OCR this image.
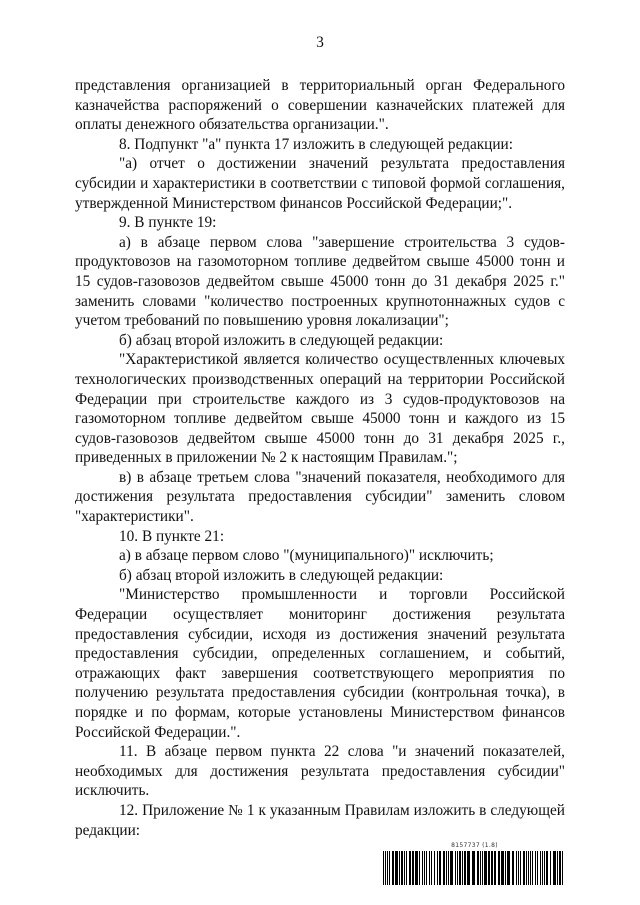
3

представления организацией в территориальный орган Федерального казначейства распоряжений о совершении казначейских платежей для оплаты денежного обязательства организации.".

8. Подпункт "а" пункта 17 изложить в следующей редакции:

"а) отчет о достижении значений результата предоставления субсидии и характеристики в соответствии с типовой формой соглашения, утвержденной Министерством финансов Российской Федерации;".

9. В пункте 19:

а) в абзаце первом слова "завершение строительства 3 судов-продуктовозов на газомоторном топливе дедвейтом свыше 45000 тонн и 15 судов-газовозов дедвейтом свыше 45000 тонн до 31 декабря 2025 г." заменить словами "количество построенных крупнотоннажных судов с учетом требований по повышению уровня локализации";

б) абзац второй изложить в следующей редакции:

"Характеристикой является количество осуществленных ключевых технологических производственных операций на территории Российской Федерации при строительстве каждого из 3 судов-продуктовозов на газомоторном топливе дедвейтом свыше 45000 тонн и каждого из 15 судов-газовозов дедвейтом свыше 45000 тонн до 31 декабря 2025 г., приведенных в приложении № 2 к настоящим Правилам.";

в) в абзаце третьем слова "значений показателя, необходимого для достижения результата предоставления субсидии" заменить словом "характеристики".

10. В пункте 21:

а) в абзаце первом слово "(муниципального)" исключить;

б) абзац второй изложить в следующей редакции:

"Министерство промышленности и торговли Российской Федерации осуществляет мониторинг достижения результата предоставления субсидии, исходя из достижения значений результата предоставления субсидии, определенных соглашением, и событий, отражающих факт завершения соответствующего мероприятия по получению результата предоставления субсидии (контрольная точка), в порядке и по формам, которые установлены Министерством финансов Российской Федерации.".

11. В абзаце первом пункта 22 слова "и значений показателей, необходимых для достижения результата предоставления субсидии" исключить.

12. Приложение № 1 к указанным Правилам изложить в следующей редакции:

8157737 (1.8)
